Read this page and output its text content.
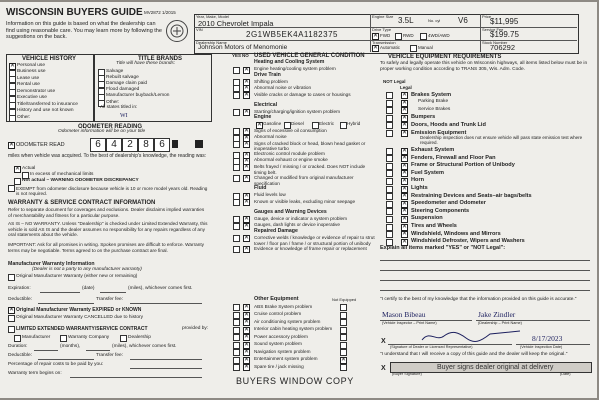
WISCONSIN BUYERS GUIDE MV2872 1/2015
Information on this guide is based on what the dealership can find using reasonable care. You may learn more by following the suggestions on the back.
Year, Make, Model
2010 Chevrolet Impala
VIN
2G1WB5EK4A1182375
Dealership Name
Johnson Motors of Menomonie
Engine Size 3.5L	No. cyl V6
Drive Type
✕ FWD	RWD	4WD/AWD
Transmission
✕ Automatic	Manual
Price
$11,995
Service Fee
$199.75
Stock Number
706292
VEHICLE HISTORY
✕ Personal use
Business use
Lease use
Rental use
Demonstrator use
Executive use
Title/transferred to insurance
History and use not known
Other:
TITLE BRANDS
Title will have these brands:
Salvage
Rebuilt salvage
Damage claim paid
Flood damaged
Manufacturer buyback/Lemon
Other:
All states titled in:
WI
ODOMETER READING
Odometer information will be on your title
✕ ODOMETER READ	6	4	2	8	6
miles when vehicle was acquired. To the best of dealership's knowledge, the reading was:
✕ Actual
In excess of mechanical limits
Not actual – WARNING ODOMETER DISCREPANCY
EXEMPT from odometer disclosure because vehicle is 10 or more model years old. Reading is not required.
WARRANTY & SERVICE CONTRACT INFORMATION
Refer to separate document for coverages and exclusions. Dealer disclaims implied warranties of merchantability and fitness for a particular purpose.
AS IS – NO WARRANTY. Unless "Dealership" is checked under Limited Extended Warranty, this vehicle is sold AS IS and the dealer assumes no responsibility for any repairs regardless of any oral statements about the vehicle.
IMPORTANT: Ask for all promises in writing. Spoken promises are difficult to enforce. Warranty terms may be negotiable. Terms agreed to on the purchase contract are final.
Manufacturer Warranty Information
(Dealer is not a party to any manufacturer warranty)
Original Manufacturer Warranty (either new or remaining)
Expiration:	(date)	(miles), whichever comes first.
Deductible:	Transfer fee:
✕ Original Manufacturer Warranty EXPIRED or KNOWN
Original Manufacturer Warranty CANCELLED due to history
LIMITED EXTENDED WARRANTY/SERVICE CONTRACT	provided by:
Manufacturer	Warranty Company	Dealership
Duration:	(months),	(miles), whichever comes first.
Deductible:	Transfer fee:
Percentage of repair costs to be paid by you:
Warranty term begins on:
YES NO USED VEHICLE GENERAL CONDITION
Heating and Cooling System
✕ Engine heating/cooling system problem
Drive Train
✕ Shifting problem
✕ Abnormal noise or vibration
✕ Visible cracks or damage to cases or housings
Electrical
✕ Starting/charging/ignition system problem
Engine
✕ Gasoline Diesel	Electric	Hybrid
✕ Signs of excessive oil consumption
✕ Abnormal noise
✕ Signs of cracked block or head, blown head gasket or inoperative turbo
✕ Electronic control module problem
✕ Abnormal exhaust or engine smoke
✕ Belts frayed / missing / or cracked. Does NOT include timing belt.
✕ Changed or modified from original manufacturer specification
Fluid
✕ Fluid levels low
✕ Known or visible leaks, excluding minor seepage
Gauges and Warning Devices
✕ Gauge, device or indicator a system problem
✕ Gauges, dash lights or device inoperative
Repaired Damage
✕ Corrective welds / knowledge or evidence of repair to strut tower / floor pan / frame / or structural portion of unibody
✕ Evidence or knowledge of frame repair or replacement
Other Equipment	Not Equipped
✕ ABS Brake System problem
✕ Cruise control problem
✕ Air conditioning system problem
✕ Interior cabin heating system problem
✕ Power accessory problem
✕ Sound system problem
✕ Navigation system problem
✕ Entertainment system problem	✕
✕ Spare tire / jack missing
VEHICLE EQUIPMENT REQUIREMENTS
To safely and legally operate this vehicle on Wisconsin highways, all items listed below must be in proper working condition according to TRANS 305, Wis. Adm. Code.
NOT Legal
Legal
✕ Brakes System
✕ Parking Brake
✕ Service Brakes
✕ Bumpers
✕ Doors, Hoods and Trunk Lid
✕ Emission Equipment
✕ Exhaust System
✕ Fenders, Firewall and Floor Pan
✕ Frame or Structural Portion of Unibody
✕ Fuel System
✕ Horn
✕ Lights
✕ Restraining Devices and Seats–air bags/belts
✕ Speedometer and Odometer
✕ Steering Components
✕ Suspension
✕ Tires and Wheels
✕ Windshield, Windows and Mirrors
✕ Windshield Defroster, Wipers and Washers
Dealership inspection does not ensure vehicle will pass state emission test where required.
Explain all items marked "YES" or "NOT Legal":
"I certify to the best of my knowledge that the information provided on this guide is accurate."
Mason Bibeau	Jake Zindler
(Vehicle Inspector – Print Name)	(Dealership – Print Name)
X	8/17/2023
(Signature of Dealer or Licensed Representative)	(Vehicle Inspection Date)
"I understand that I will receive a copy of this guide and the dealer will keep the original."
X	Buyer signs dealer original at delivery
(Buyer Signature)	(Date)
BUYERS WINDOW COPY
